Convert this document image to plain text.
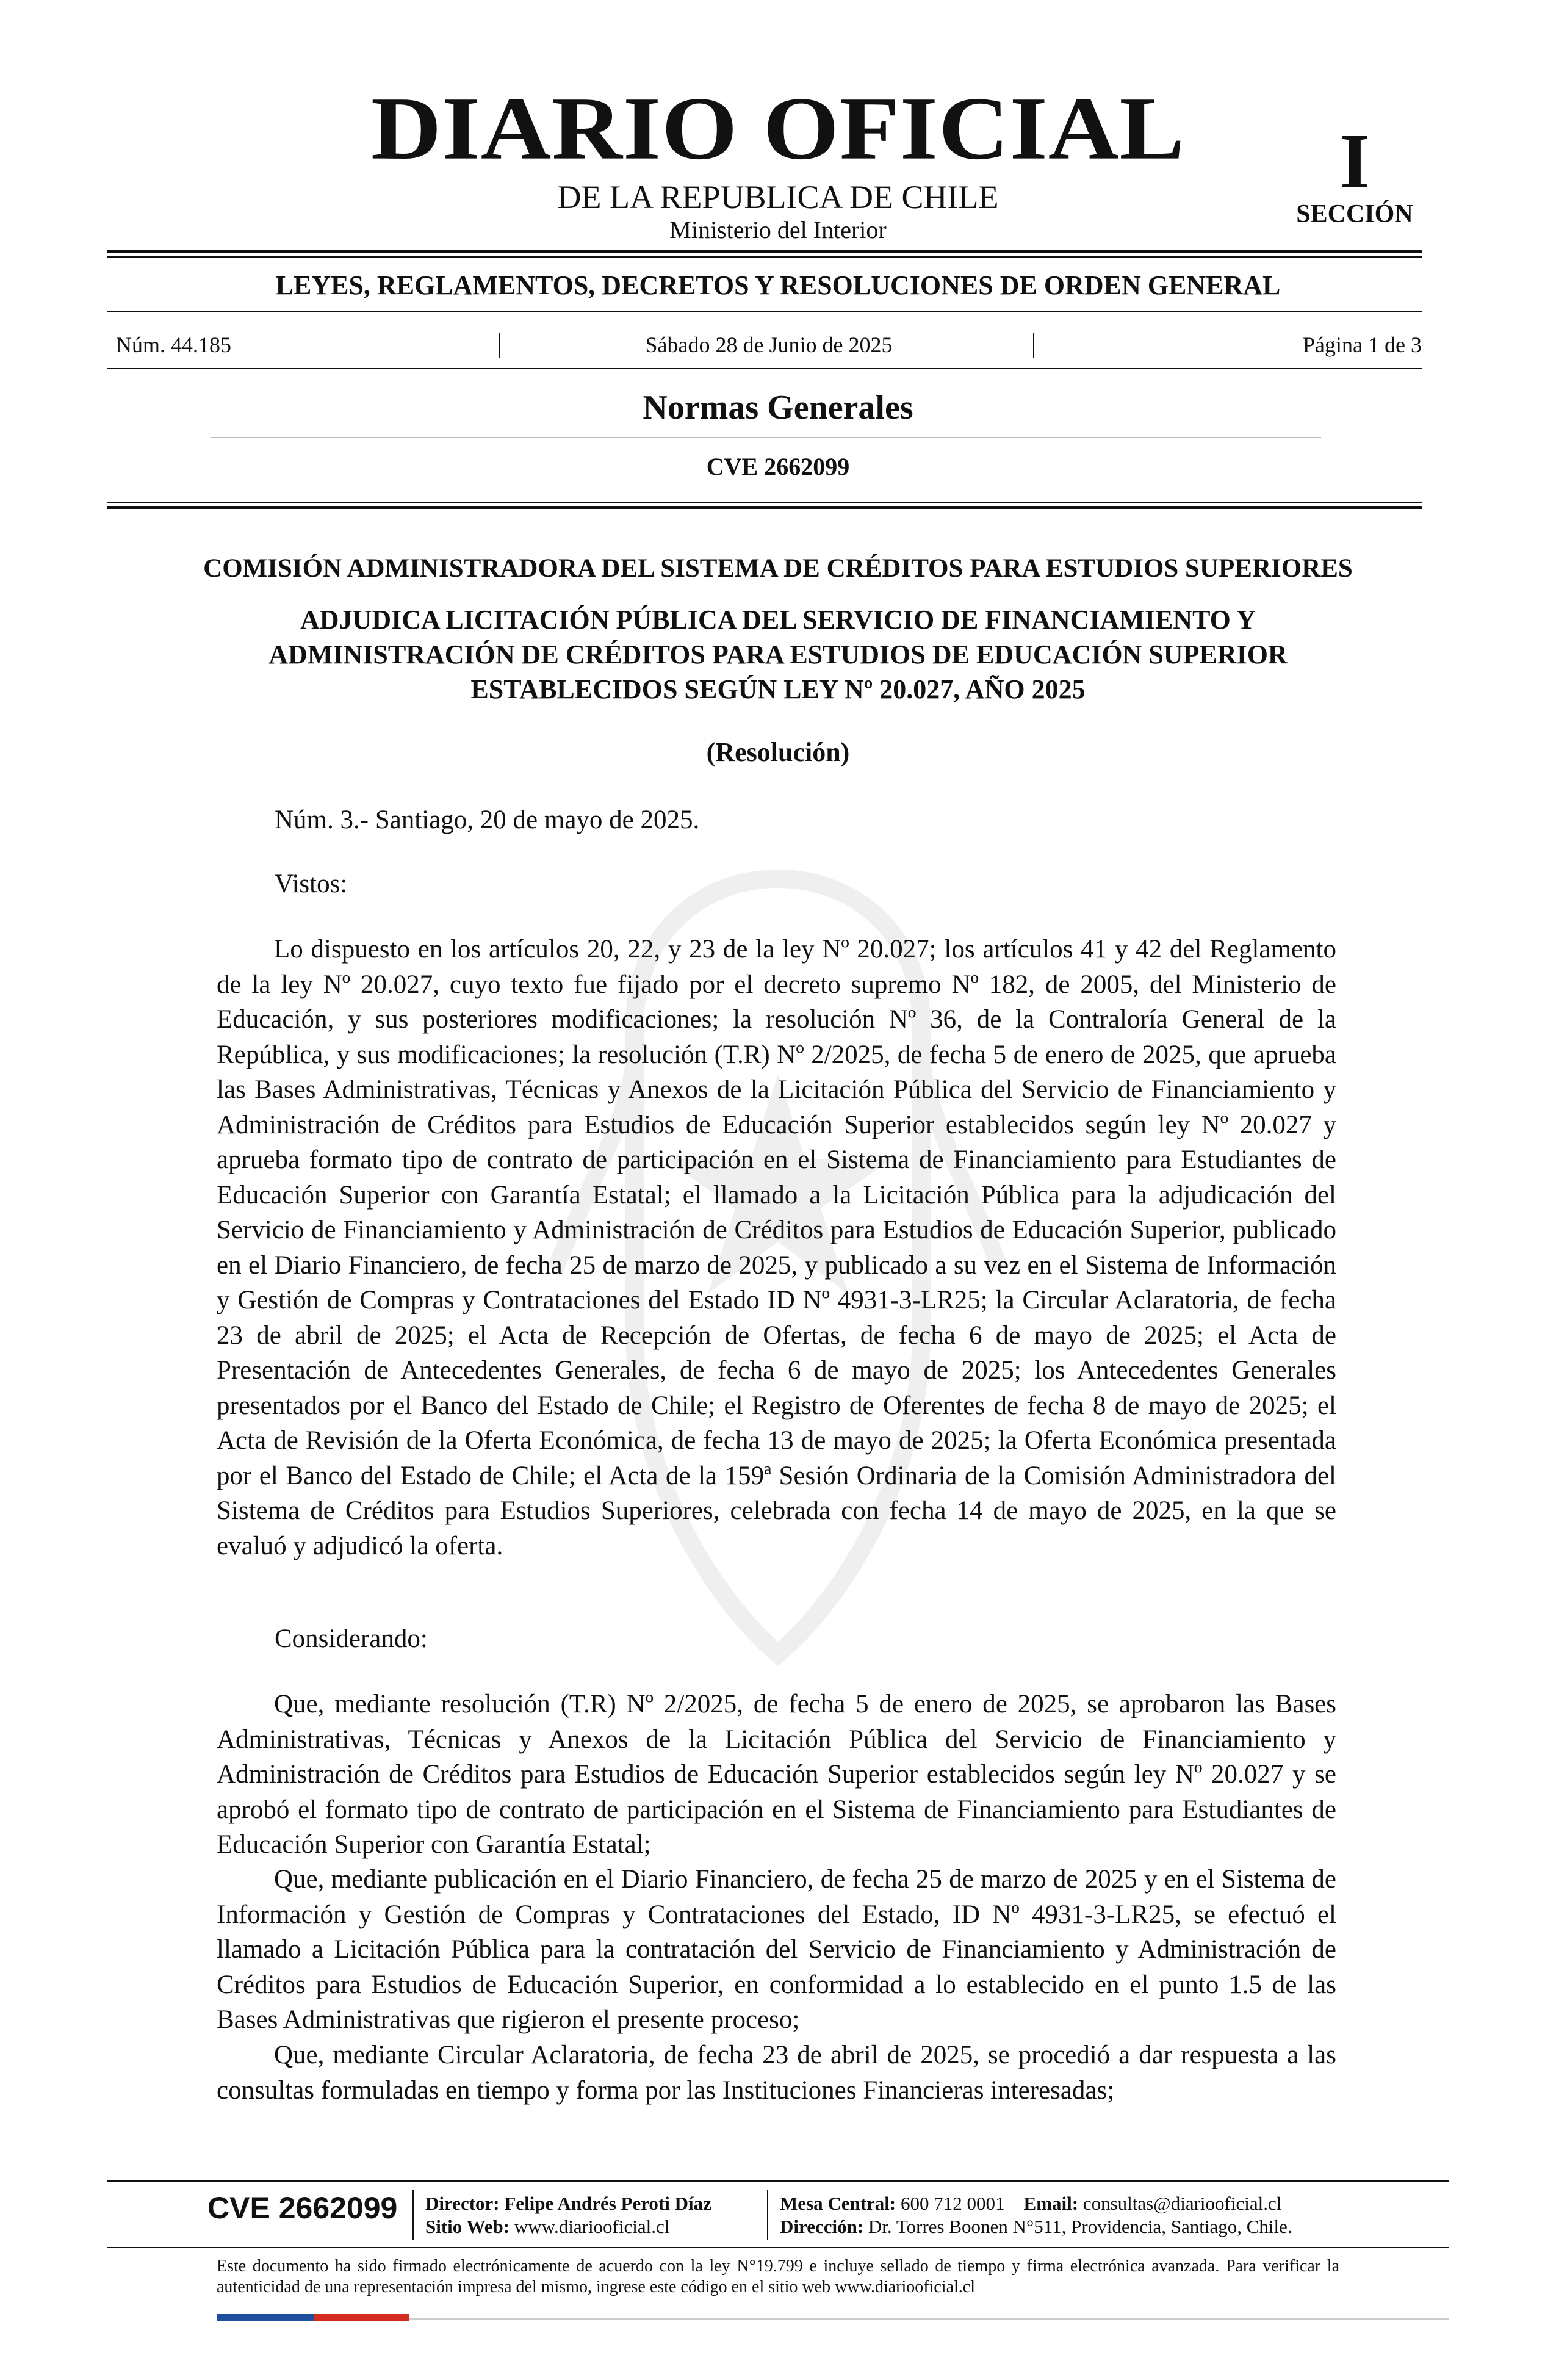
DIARIO OFICIAL
DE LA REPUBLICA DE CHILE
Ministerio del Interior
I
SECCIÓN
LEYES, REGLAMENTOS, DECRETOS Y RESOLUCIONES DE ORDEN GENERAL
Núm. 44.185	Sábado 28 de Junio de 2025	Página 1 de 3
Normas Generales
CVE 2662099
COMISIÓN ADMINISTRADORA DEL SISTEMA DE CRÉDITOS PARA ESTUDIOS SUPERIORES
ADJUDICA LICITACIÓN PÚBLICA DEL SERVICIO DE FINANCIAMIENTO Y ADMINISTRACIÓN DE CRÉDITOS PARA ESTUDIOS DE EDUCACIÓN SUPERIOR ESTABLECIDOS SEGÚN LEY Nº 20.027, AÑO 2025
(Resolución)
Núm. 3.- Santiago, 20 de mayo de 2025.
Vistos:

Lo dispuesto en los artículos 20, 22, y 23 de la ley Nº 20.027; los artículos 41 y 42 del Reglamento de la ley Nº 20.027, cuyo texto fue fijado por el decreto supremo Nº 182, de 2005, del Ministerio de Educación, y sus posteriores modificaciones; la resolución Nº 36, de la Contraloría General de la República, y sus modificaciones; la resolución (T.R) Nº 2/2025, de fecha 5 de enero de 2025, que aprueba las Bases Administrativas, Técnicas y Anexos de la Licitación Pública del Servicio de Financiamiento y Administración de Créditos para Estudios de Educación Superior establecidos según ley Nº 20.027 y aprueba formato tipo de contrato de participación en el Sistema de Financiamiento para Estudiantes de Educación Superior con Garantía Estatal; el llamado a la Licitación Pública para la adjudicación del Servicio de Financiamiento y Administración de Créditos para Estudios de Educación Superior, publicado en el Diario Financiero, de fecha 25 de marzo de 2025, y publicado a su vez en el Sistema de Información y Gestión de Compras y Contrataciones del Estado ID Nº 4931-3-LR25; la Circular Aclaratoria, de fecha 23 de abril de 2025; el Acta de Recepción de Ofertas, de fecha 6 de mayo de 2025; el Acta de Presentación de Antecedentes Generales, de fecha 6 de mayo de 2025; los Antecedentes Generales presentados por el Banco del Estado de Chile; el Registro de Oferentes de fecha 8 de mayo de 2025; el Acta de Revisión de la Oferta Económica, de fecha 13 de mayo de 2025; la Oferta Económica presentada por el Banco del Estado de Chile; el Acta de la 159ª Sesión Ordinaria de la Comisión Administradora del Sistema de Créditos para Estudios Superiores, celebrada con fecha 14 de mayo de 2025, en la que se evaluó y adjudicó la oferta.

Considerando:

Que, mediante resolución (T.R) Nº 2/2025, de fecha 5 de enero de 2025, se aprobaron las Bases Administrativas, Técnicas y Anexos de la Licitación Pública del Servicio de Financiamiento y Administración de Créditos para Estudios de Educación Superior establecidos según ley Nº 20.027 y se aprobó el formato tipo de contrato de participación en el Sistema de Financiamiento para Estudiantes de Educación Superior con Garantía Estatal;

Que, mediante publicación en el Diario Financiero, de fecha 25 de marzo de 2025 y en el Sistema de Información y Gestión de Compras y Contrataciones del Estado, ID Nº 4931-3-LR25, se efectuó el llamado a Licitación Pública para la contratación del Servicio de Financiamiento y Administración de Créditos para Estudios de Educación Superior, en conformidad a lo establecido en el punto 1.5 de las Bases Administrativas que rigieron el presente proceso;

Que, mediante Circular Aclaratoria, de fecha 23 de abril de 2025, se procedió a dar respuesta a las consultas formuladas en tiempo y forma por las Instituciones Financieras interesadas;

CVE 2662099 Director: Felipe Andrés Peroti Díaz
Sitio Web: www.diariooficial.cl
Mesa Central: 600 712 0001 Email: consultas@diariooficial.cl
Dirección: Dr. Torres Boonen N°511, Providencia, Santiago, Chile.
Este documento ha sido firmado electrónicamente de acuerdo con la ley N°19.799 e incluye sellado de tiempo y firma electrónica avanzada. Para verificar la autenticidad de una representación impresa del mismo, ingrese este código en el sitio web www.diariooficial.cl
